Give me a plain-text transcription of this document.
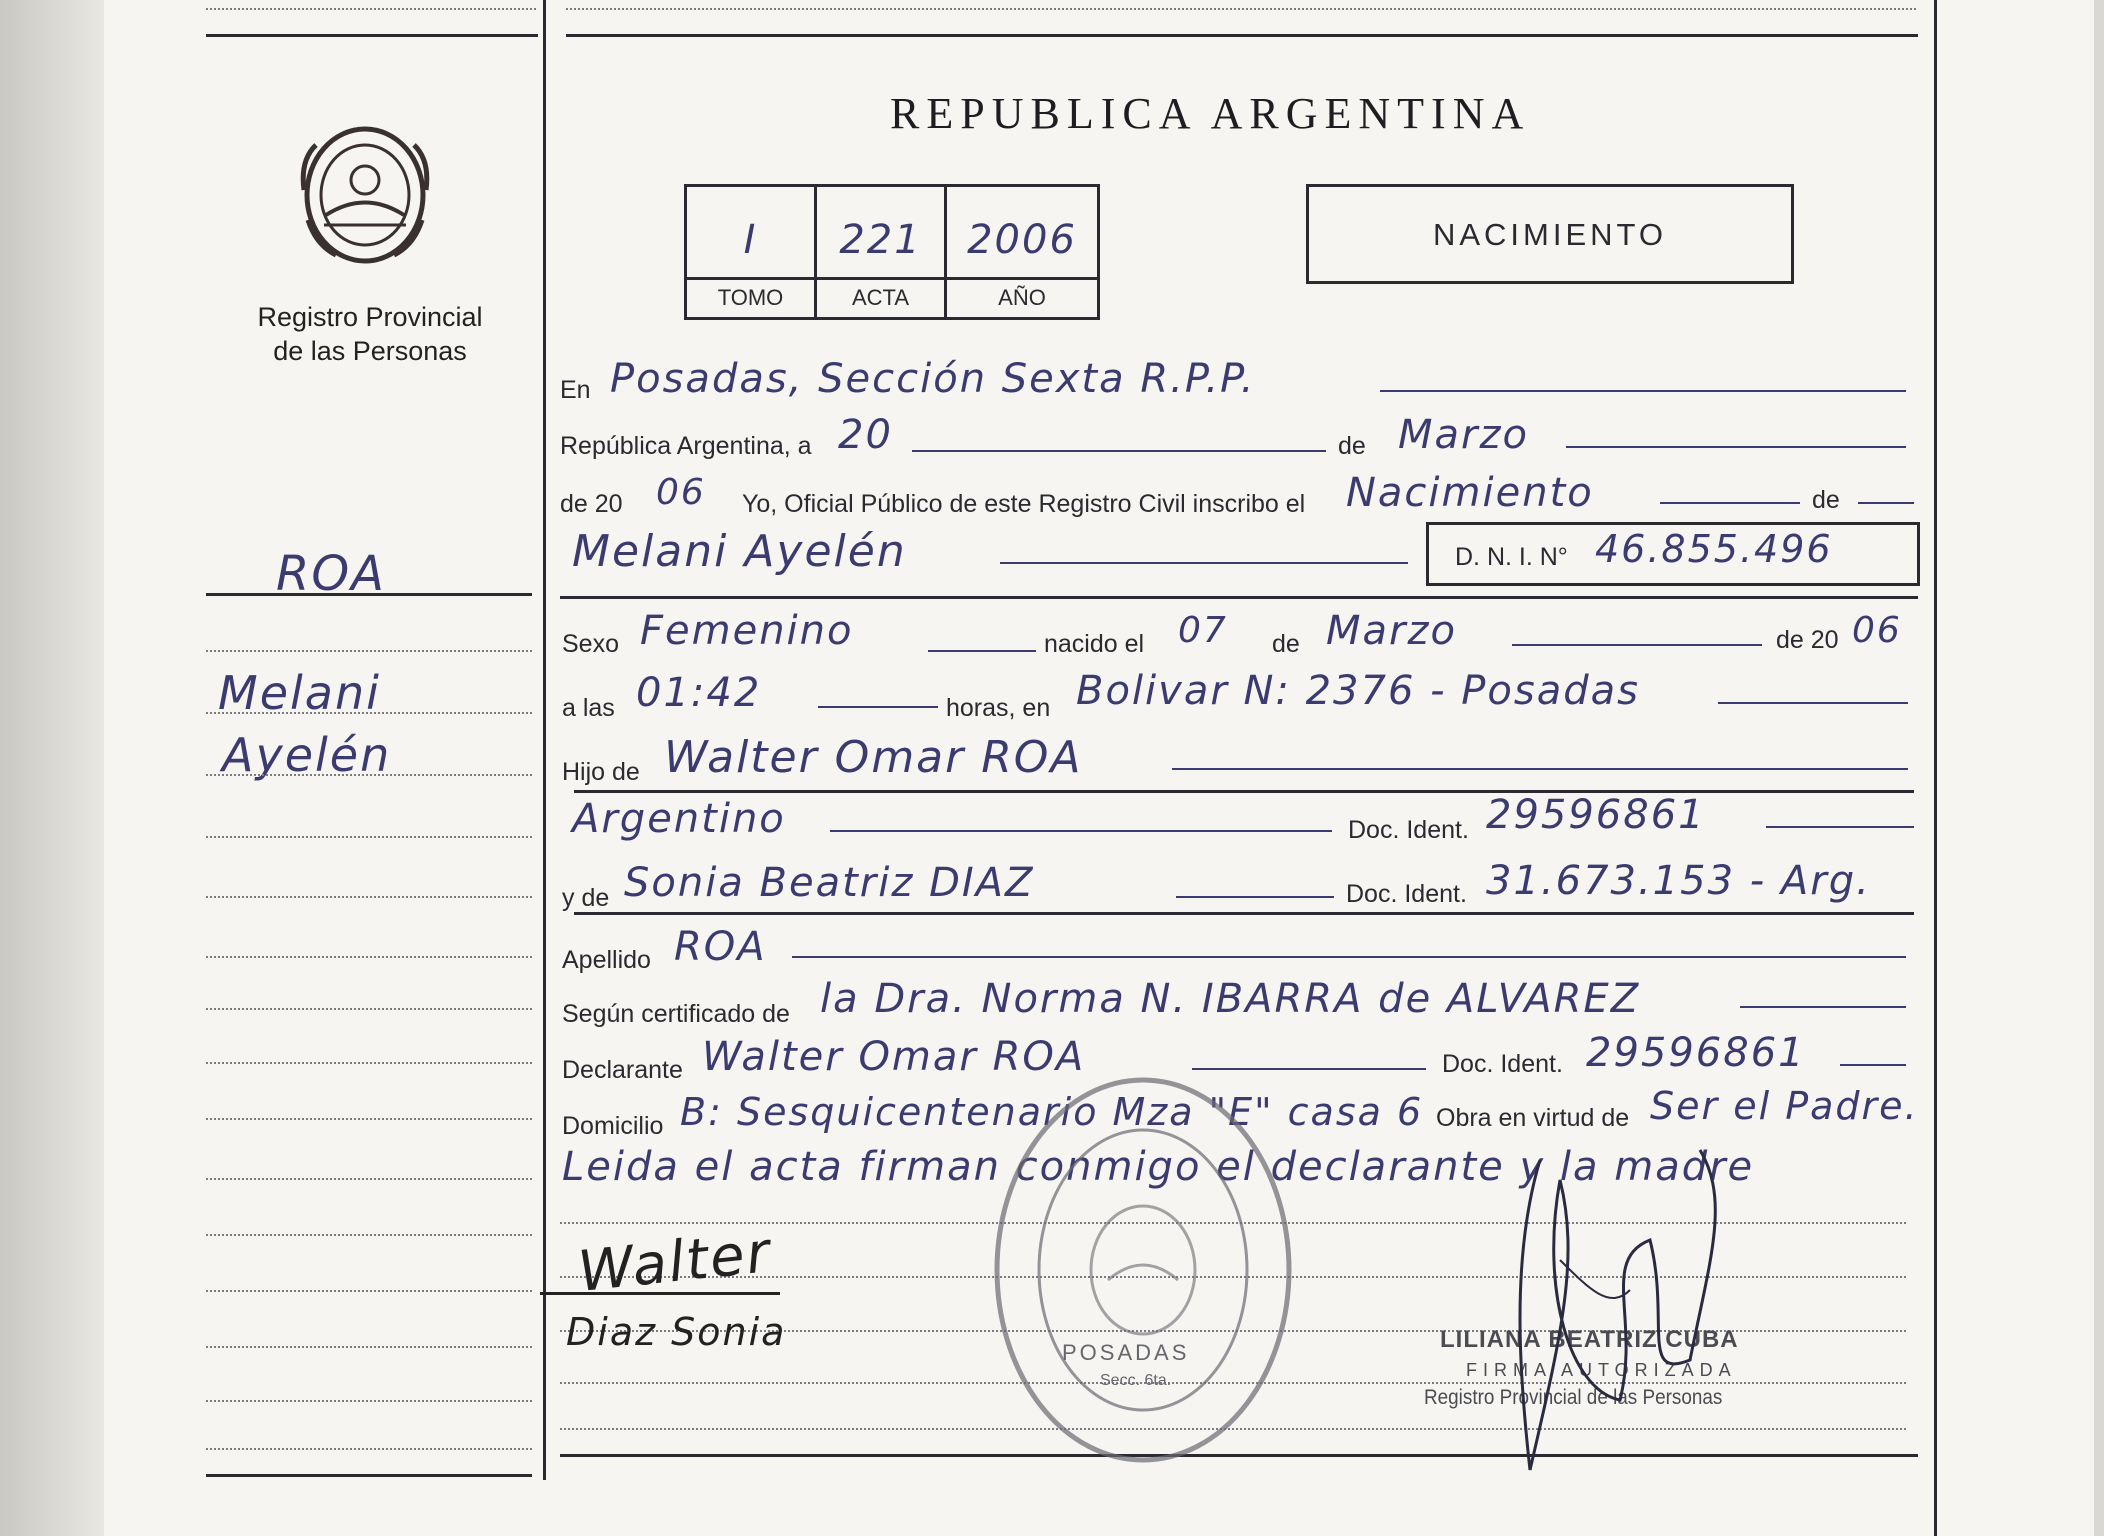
Registro Provincial
de las Personas
REPUBLICA ARGENTINA
I	221	2006
TOMO	ACTA	AÑO
NACIMIENTO
ROA
Melani
Ayelén
En Posadas, Sección Sexta R.P.P.
República Argentina, a 20	de Marzo
de 20 06 Yo, Oficial Público de este Registro Civil inscribo el Nacimiento	de
Melani Ayelén	D. N. I. N° 46.855.496
Sexo Femenino	nacido el 07 de Marzo	de 20 06
a las 01:42	horas, en Bolivar N: 2376 - Posadas
Hijo de Walter Omar ROA
Argentino	Doc. Ident. 29596861
y de Sonia Beatriz DIAZ	Doc. Ident. 31.673.153 - Arg.
Apellido ROA
Según certificado de la Dra. Norma N. IBARRA de ALVAREZ
Declarante Walter Omar ROA	Doc. Ident. 29596861
Domicilio B: Sesquicentenario Mza "E" casa 6 Obra en virtud de Ser el Padre.
Leida el acta firman conmigo el declarante y la madre
Walter
Diaz Sonia	POSADAS
Secc. 6ta.
LILIANA BEATRIZ CUBA
FIRMA AUTORIZADA
Registro Provincial de las Personas
